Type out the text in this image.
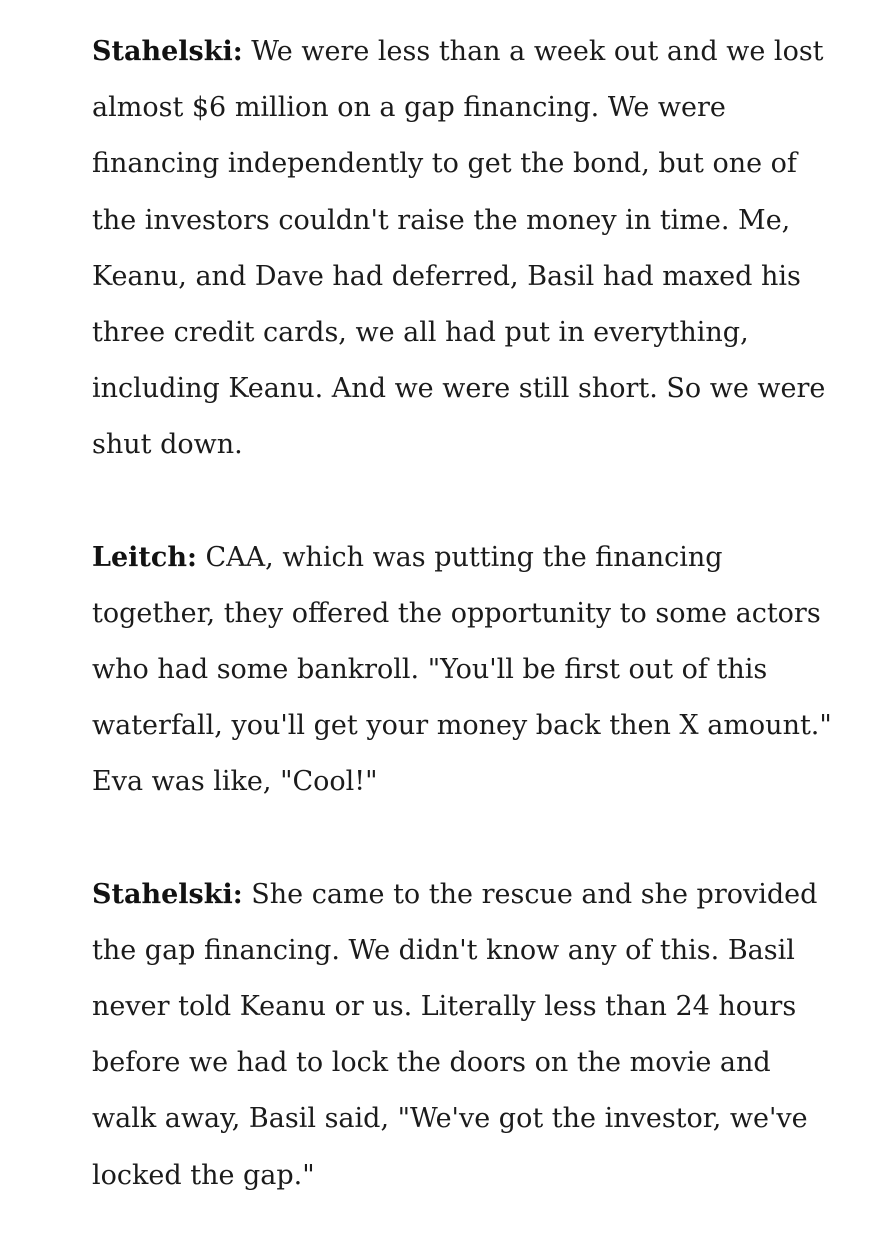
Stahelski: We were less than a week out and we lost almost $6 million on a gap financing. We were financing independently to get the bond, but one of the investors couldn't raise the money in time. Me, Keanu, and Dave had deferred, Basil had maxed his three credit cards, we all had put in everything, including Keanu. And we were still short. So we were shut down.

Leitch: CAA, which was putting the financing together, they offered the opportunity to some actors who had some bankroll. "You'll be first out of this waterfall, you'll get your money back then X amount." Eva was like, "Cool!"

Stahelski: She came to the rescue and she provided the gap financing. We didn't know any of this. Basil never told Keanu or us. Literally less than 24 hours before we had to lock the doors on the movie and walk away, Basil said, "We've got the investor, we've locked the gap."
